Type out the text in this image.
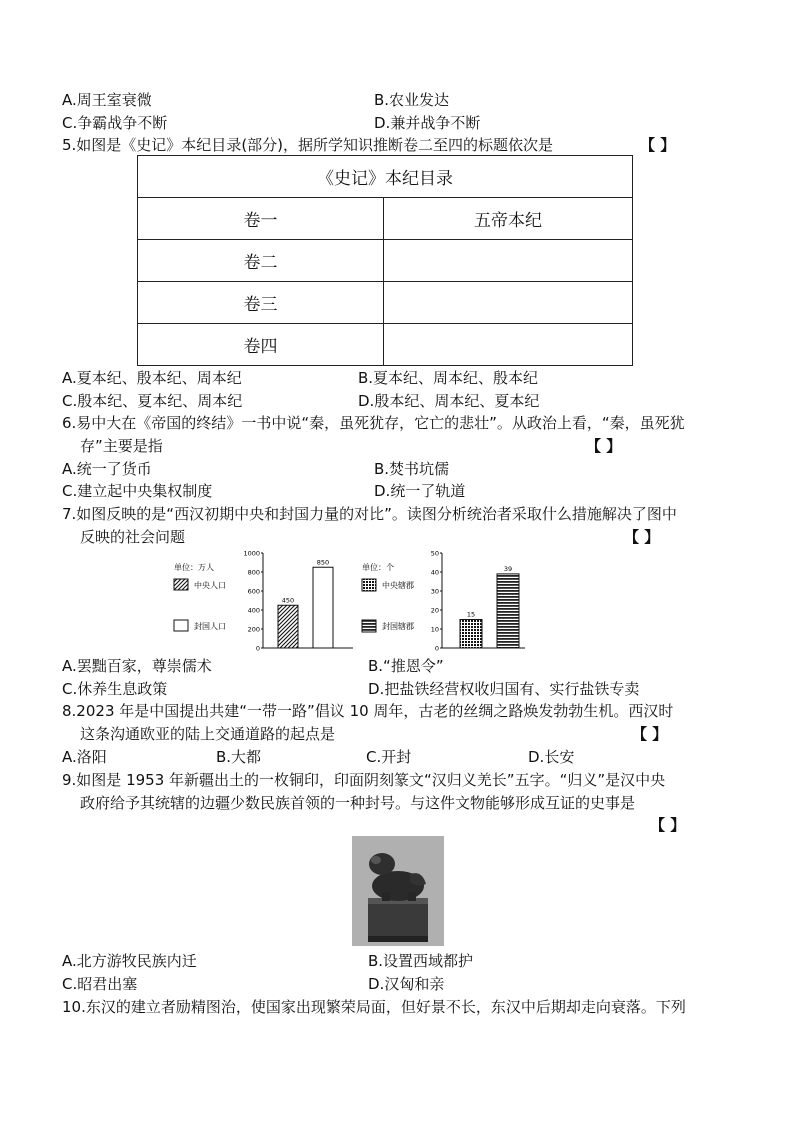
A.周王室衰微	B.农业发达
C.争霸战争不断	D.兼并战争不断
5.如图是《史记》本纪目录(部分)，据所学知识推断卷二至四的标题依次是	【 】
《史记》本纪目录	
卷一	五帝本纪
卷二	
卷三	
卷四	
A.夏本纪、殷本纪、周本纪	B.夏本纪、周本纪、殷本纪
C.殷本纪、夏本纪、周本纪	D.殷本纪、周本纪、夏本纪
6.易中大在《帝国的终结》一书中说“秦，虽死犹存，它亡的悲壮”。从政治上看，“秦，虽死犹
存”主要是指	【 】
A.统一了货币	B.焚书坑儒
C.建立起中央集权制度	D.统一了轨道
7.如图反映的是“西汉初期中央和封国力量的对比”。读图分析统治者采取什么措施解决了图中
反映的社会问题	【 】
单位：万人
中央人口
封国人口
0
200
400
600
800
1000
450
850
单位：个
中央辖郡
封国辖郡
0
10
20
30
40
50
15
39
A.罢黜百家，尊崇儒术	B.“推恩令”
C.休养生息政策	D.把盐铁经营权收归国有、实行盐铁专卖
8.2023 年是中国提出共建“一带一路”倡议 10 周年，古老的丝绸之路焕发勃勃生机。西汉时
这条沟通欧亚的陆上交通道路的起点是	【 】
A.洛阳	B.大都	C.开封	D.长安
9.如图是 1953 年新疆出土的一枚铜印，印面阴刻篆文“汉归义羌长”五字。“归义”是汉中央
政府给予其统辖的边疆少数民族首领的一种封号。与这件文物能够形成互证的史事是
【 】
A.北方游牧民族内迁	B.设置西域都护
C.昭君出塞	D.汉匈和亲
10.东汉的建立者励精图治，使国家出现繁荣局面，但好景不长，东汉中后期却走向衰落。下列
